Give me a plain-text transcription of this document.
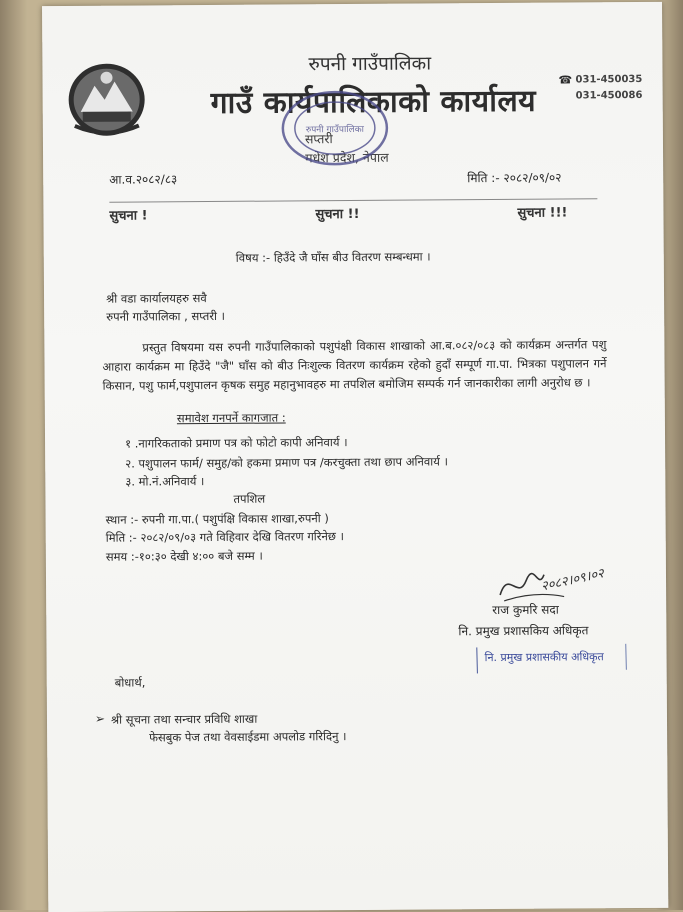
रुपनी गाउँपालिका
गाउँ कार्यपालिकाको कार्यालय
सप्तरी
मधेश प्रदेश, नेपाल
☎ 031-450035
031-450086
रुपनी गाउँपालिका
आ.व.२०८२/८३	मिति :- २०८२/०९/०२
सुचना !	सुचना !!	सुचना !!!
विषय :- हिउँदे जै घाँस बीउ वितरण सम्बन्धमा ।
श्री वडा कार्यालयहरु सवै
रुपनी गाउँपालिका , सप्तरी ।
प्रस्तुत विषयमा यस रुपनी गाउँपालिकाको पशुपंक्षी विकास शाखाको आ.ब.०८२/०८३ को कार्यक्रम अन्तर्गत पशु आहारा कार्यक्रम मा हिउँदे "जै" घाँस को बीउ निःशुल्क वितरण कार्यक्रम रहेको हुदाँ सम्पूर्ण गा.पा. भित्रका पशुपालन गर्ने किसान, पशु फार्म,पशुपालन कृषक समुह महानुभावहरु मा तपशिल बमोजिम सम्पर्क गर्न जानकारीका लागी अनुरोध छ ।
समावेश गनपर्ने कागजात :
१ .नागरिकताको प्रमाण पत्र को फोटो कापी अनिवार्य ।
२. पशुपालन फार्म/ समुह/को हकमा प्रमाण पत्र /करचुक्ता तथा छाप अनिवार्य ।
३. मो.नं.अनिवार्य ।
तपशिल
स्थान :- रुपनी गा.पा.( पशुपंक्षि विकास शाखा,रुपनी )
मिति :- २०८२/०९/०३ गते विहिवार देखि वितरण गरिनेछ ।
समय :-१०:३० देखी ४:०० बजे सम्म ।
२०८२।०९।०२
राज कुमरि सदा
नि. प्रमुख प्रशासकिय अधिकृत
नि. प्रमुख प्रशासकीय अधिकृत
बोधार्थ,
➢ श्री सूचना तथा सन्चार प्रविधि शाखा
फेसबुक पेज तथा वेवसाईडमा अपलोड गरिदिनु ।
